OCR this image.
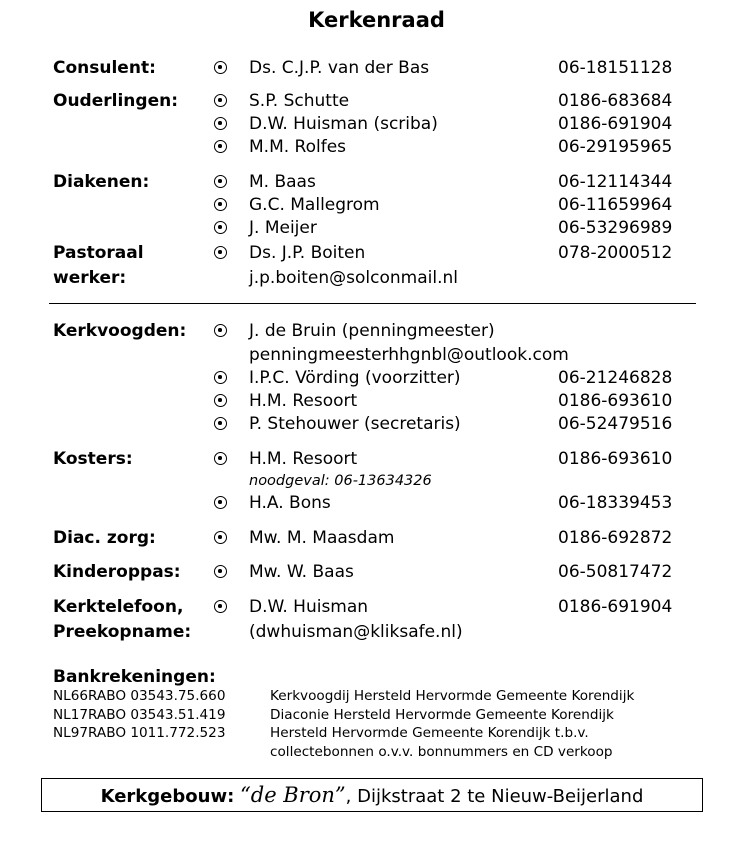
Kerkenraad
Consulent:	Ds. C.J.P. van der Bas	06-18151128
Ouderlingen:	S.P. Schutte	0186-683684
D.W. Huisman (scriba)	0186-691904
M.M. Rolfes	06-29195965
Diakenen:	M. Baas	06-12114344
G.C. Mallegrom	06-11659964
J. Meijer	06-53296989
Pastoraal
werker:
Ds. J.P. Boiten	078-2000512
j.p.boiten@solconmail.nl
Kerkvoogden:	J. de Bruin (penningmeester)
penningmeesterhhgnbl@outlook.com
I.P.C. Vörding (voorzitter)	06-21246828
H.M. Resoort	0186-693610
P. Stehouwer (secretaris)	06-52479516
Kosters:	H.M. Resoort	0186-693610
noodgeval: 06-13634326
H.A. Bons	06-18339453
Diac. zorg:	Mw. M. Maasdam	0186-692872
Kinderoppas:	Mw. W. Baas	06-50817472
Kerktelefoon,
Preekopname:
D.W. Huisman	0186-691904
(dwhuisman@kliksafe.nl)
Bankrekeningen:
NL66RABO 03543.75.660	Kerkvoogdij Hersteld Hervormde Gemeente Korendijk
NL17RABO 03543.51.419	Diaconie Hersteld Hervormde Gemeente Korendijk
NL97RABO 1011.772.523	Hersteld Hervormde Gemeente Korendijk t.b.v.
collectebonnen o.v.v. bonnummers en CD verkoop
Kerkgebouw: “de Bron”, Dijkstraat 2 te Nieuw-Beijerland
